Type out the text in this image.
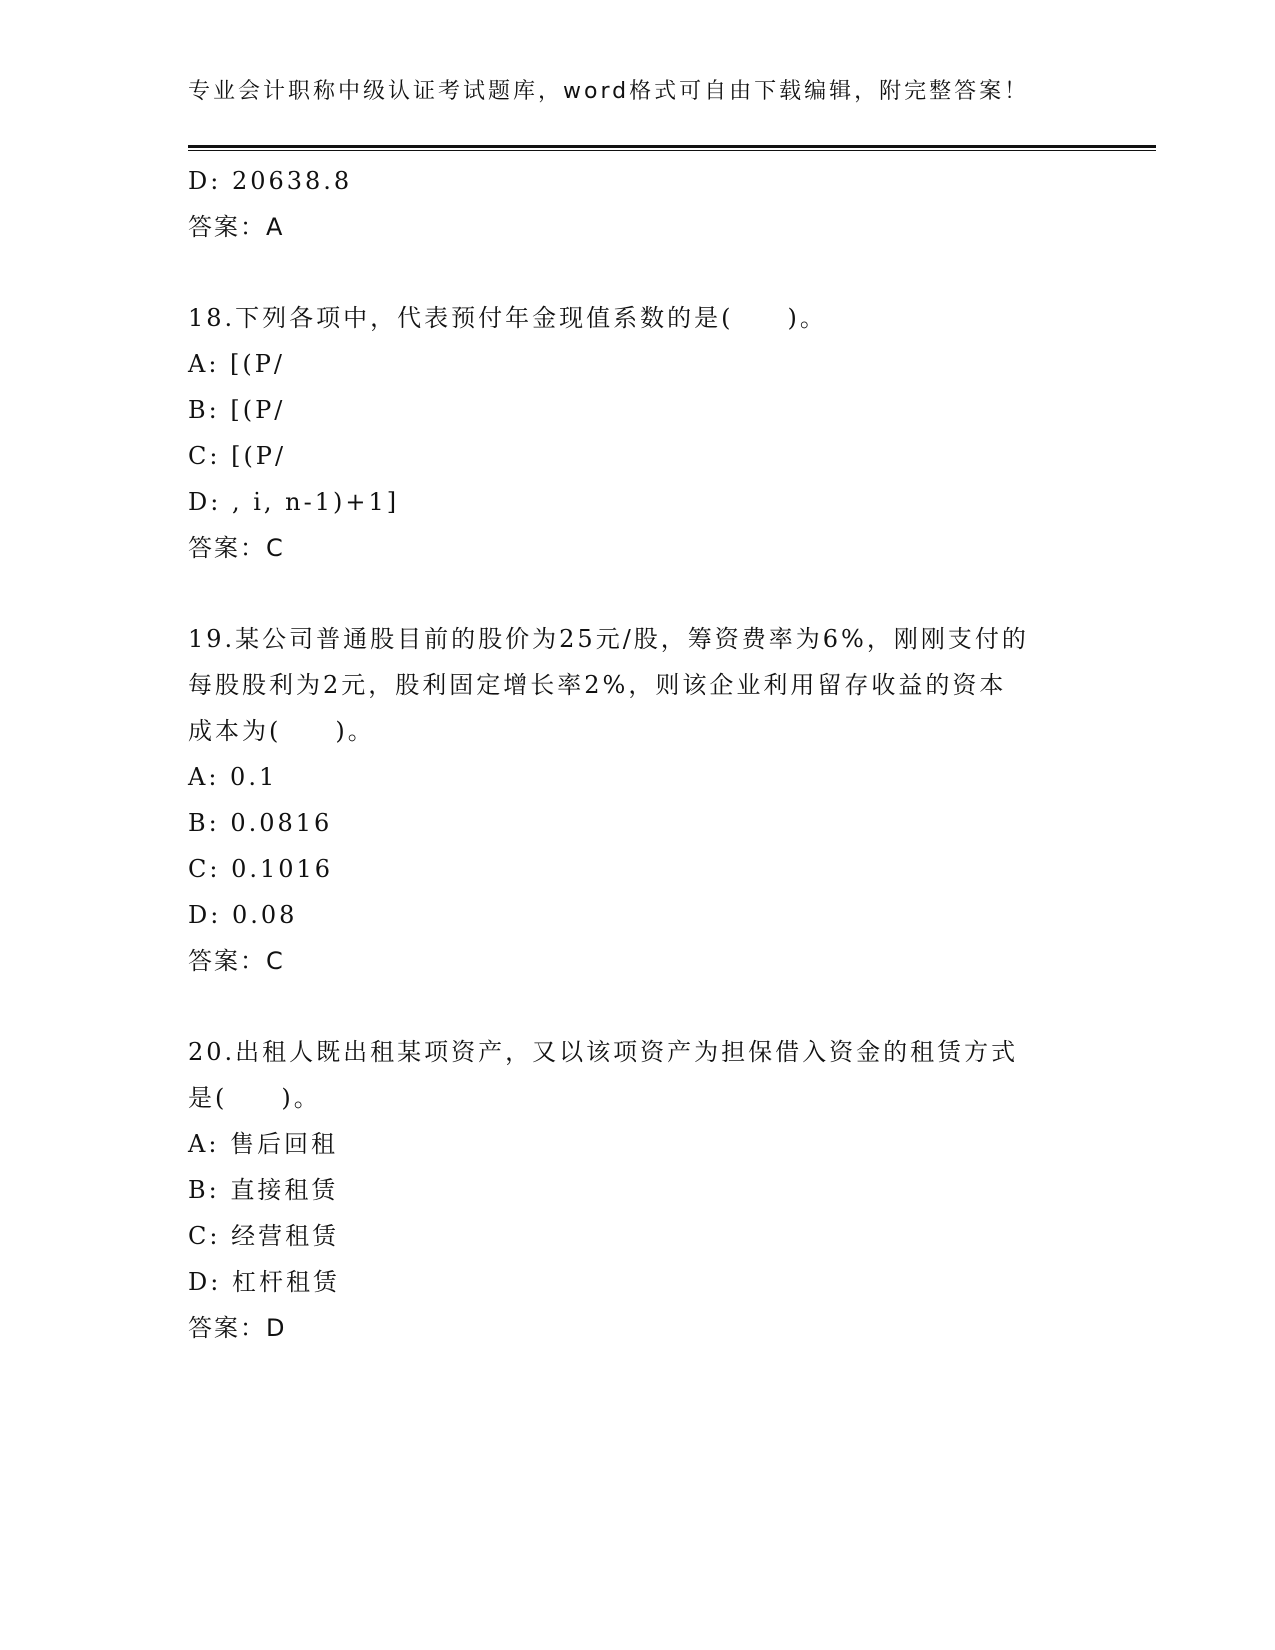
专业会计职称中级认证考试题库，word格式可自由下载编辑，附完整答案！
D: 20638.8
答案：A
18.下列各项中，代表预付年金现值系数的是(　　)。
A: [(P/
B: [(P/
C: [(P/
D: , i, n-1)+1]
答案：C
19.某公司普通股目前的股价为25元/股，筹资费率为6%，刚刚支付的
每股股利为2元，股利固定增长率2%，则该企业利用留存收益的资本
成本为(　　)。
A: 0.1
B: 0.0816
C: 0.1016
D: 0.08
答案：C
20.出租人既出租某项资产，又以该项资产为担保借入资金的租赁方式
是(　　)。
A: 售后回租
B: 直接租赁
C: 经营租赁
D: 杠杆租赁
答案：D
